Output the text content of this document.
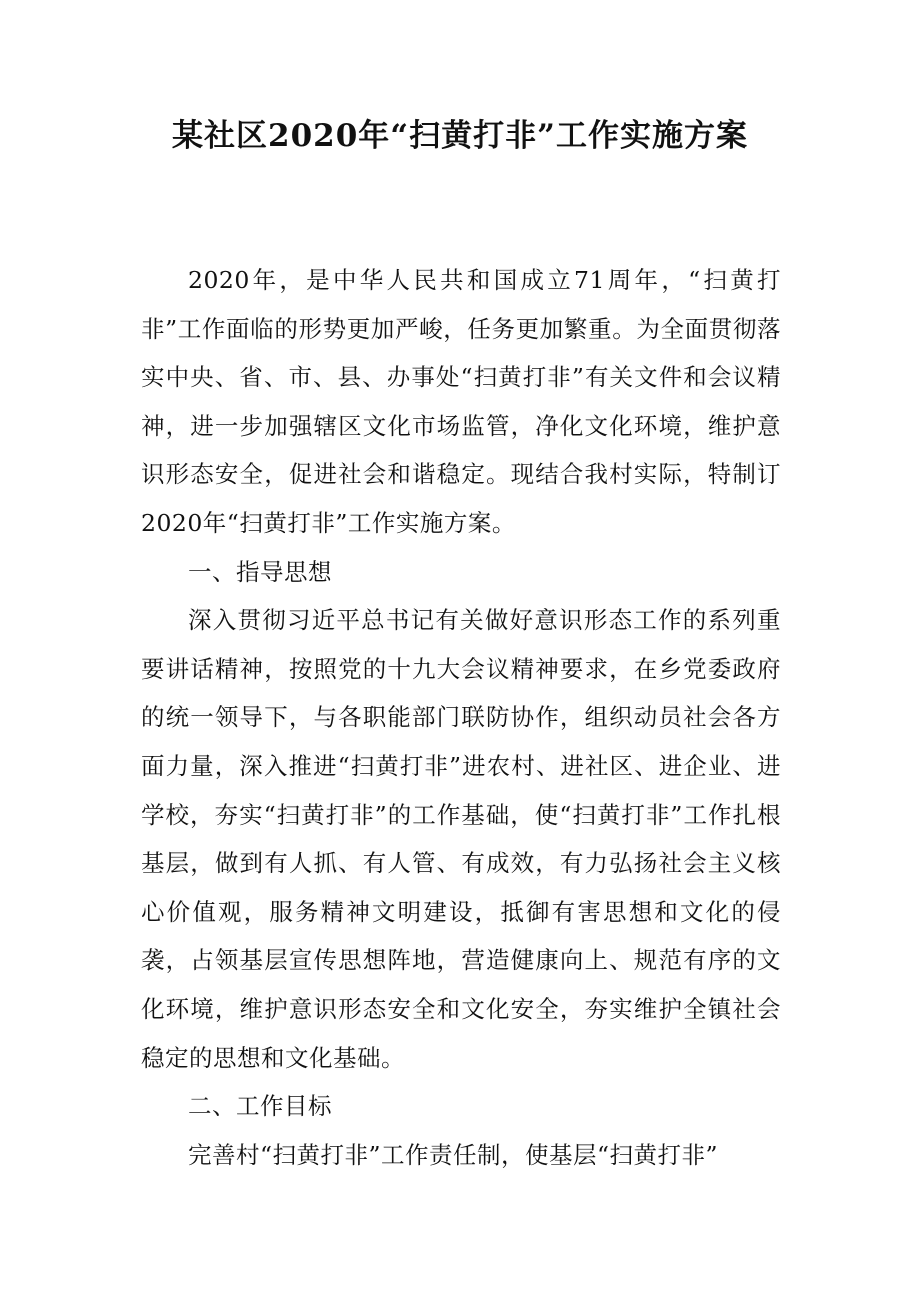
某社区2020年“扫黄打非”工作实施方案

2020年，是中华人民共和国成立71周年，“扫黄打非”工作面临的形势更加严峻，任务更加繁重。为全面贯彻落实中央、省、市、县、办事处“扫黄打非”有关文件和会议精神，进一步加强辖区文化市场监管，净化文化环境，维护意识形态安全，促进社会和谐稳定。现结合我村实际，特制订2020年“扫黄打非”工作实施方案。

一、指导思想

深入贯彻习近平总书记有关做好意识形态工作的系列重要讲话精神，按照党的十九大会议精神要求，在乡党委政府的统一领导下，与各职能部门联防协作，组织动员社会各方面力量，深入推进“扫黄打非”进农村、进社区、进企业、进学校，夯实“扫黄打非”的工作基础，使“扫黄打非”工作扎根基层，做到有人抓、有人管、有成效，有力弘扬社会主义核心价值观，服务精神文明建设，抵御有害思想和文化的侵袭，占领基层宣传思想阵地，营造健康向上、规范有序的文化环境，维护意识形态安全和文化安全，夯实维护全镇社会稳定的思想和文化基础。

二、工作目标

完善村“扫黄打非”工作责任制，使基层“扫黄打非”
